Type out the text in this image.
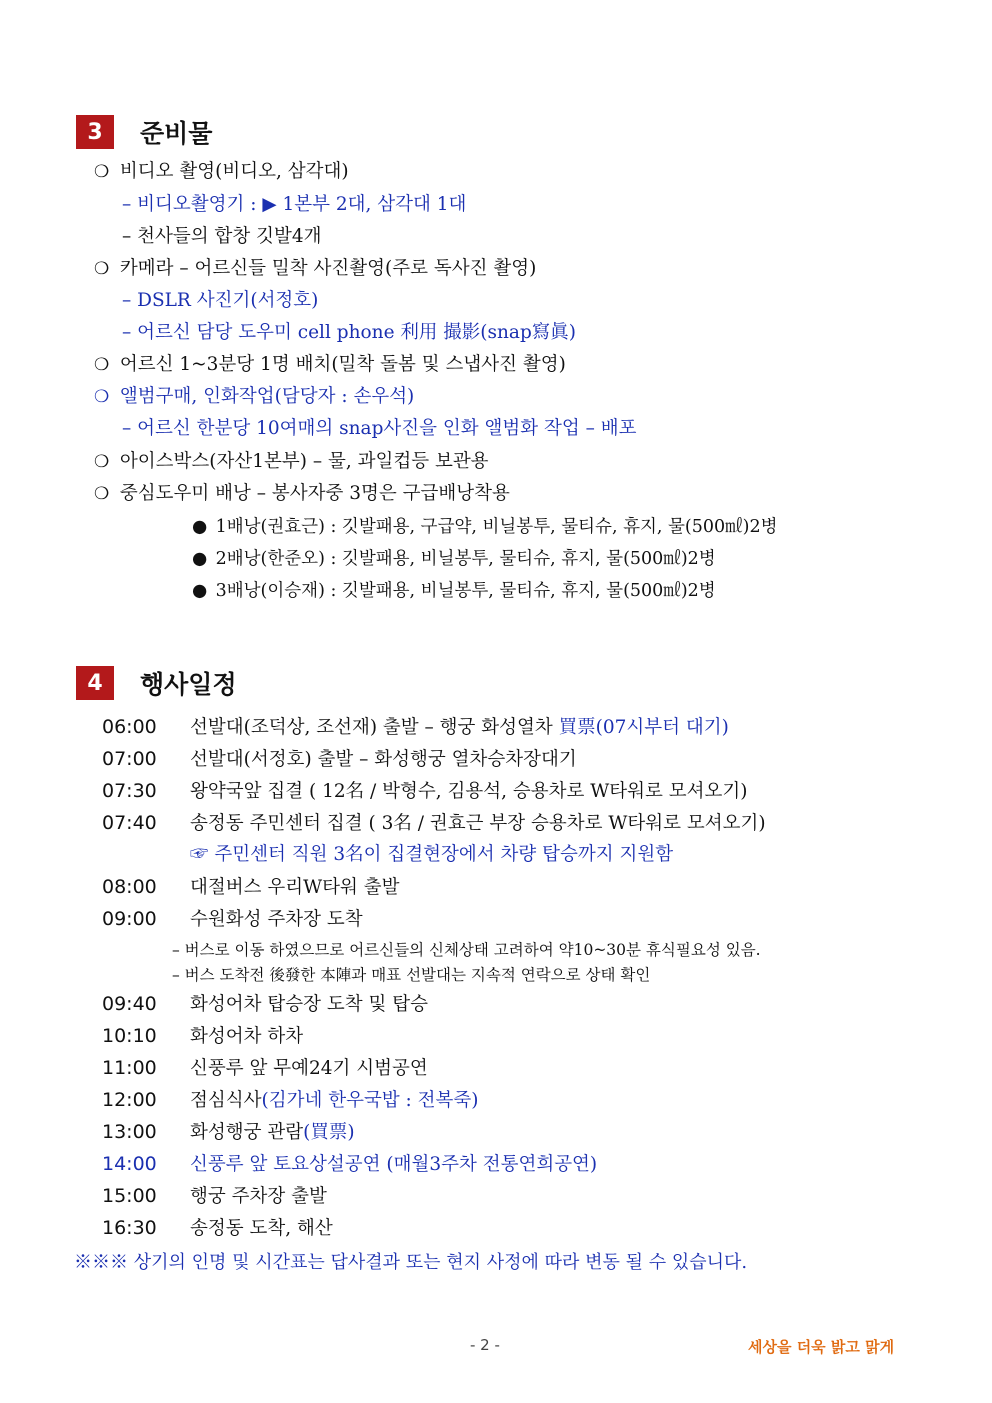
3	준비물
❍ 비디오 촬영(비디오, 삼각대)
– 비디오촬영기 : ▶ 1본부 2대, 삼각대 1대
– 천사들의 합창 깃발4개
❍ 카메라 – 어르신들 밀착 사진촬영(주로 독사진 촬영)
– DSLR 사진기(서정호)
– 어르신 담당 도우미 cell phone 利用 撮影(snap寫眞)
❍ 어르신 1~3분당 1명 배치(밀착 돌봄 및 스냅사진 촬영)
❍ 앨범구매, 인화작업(담당자 : 손우석)
– 어르신 한분당 10여매의 snap사진을 인화 앨범화 작업 – 배포
❍ 아이스박스(자산1본부) – 물, 과일컵등 보관용
❍ 중심도우미 배낭 – 봉사자중 3명은 구급배낭착용
● 1배낭(권효근) : 깃발패용, 구급약, 비닐봉투, 물티슈, 휴지, 물(500㎖)2병
● 2배낭(한준오) : 깃발패용, 비닐봉투, 물티슈, 휴지, 물(500㎖)2병
● 3배낭(이승재) : 깃발패용, 비닐봉투, 물티슈, 휴지, 물(500㎖)2병
4	행사일정
06:00 선발대(조덕상, 조선재) 출발 – 행궁 화성열차 買票(07시부터 대기)
07:00 선발대(서정호) 출발 – 화성행궁 열차승차장대기
07:30 왕약국앞 집결 ( 12名 / 박형수, 김용석, 승용차로 W타워로 모셔오기)
07:40 송정동 주민센터 집결 ( 3名 / 권효근 부장 승용차로 W타워로 모셔오기)
☞ 주민센터 직원 3名이 집결현장에서 차량 탑승까지 지원함
08:00 대절버스 우리W타워 출발
09:00 수원화성 주차장 도착
– 버스로 이동 하였으므로 어르신들의 신체상태 고려하여 약10~30분 휴식필요성 있음.
– 버스 도착전 後發한 本陣과 매표 선발대는 지속적 연락으로 상태 확인
09:40 화성어차 탑승장 도착 및 탑승
10:10 화성어차 하차
11:00 신풍루 앞 무예24기 시범공연
12:00 점심식사(김가네 한우국밥 : 전복죽)
13:00 화성행궁 관람(買票)
14:00 신풍루 앞 토요상설공연 (매월3주차 전통연희공연)
15:00 행궁 주차장 출발
16:30 송정동 도착, 해산
※※※ 상기의 인명 및 시간표는 답사결과 또는 현지 사정에 따라 변동 될 수 있습니다.
- 2 -	세상을 더욱 밝고 맑게
